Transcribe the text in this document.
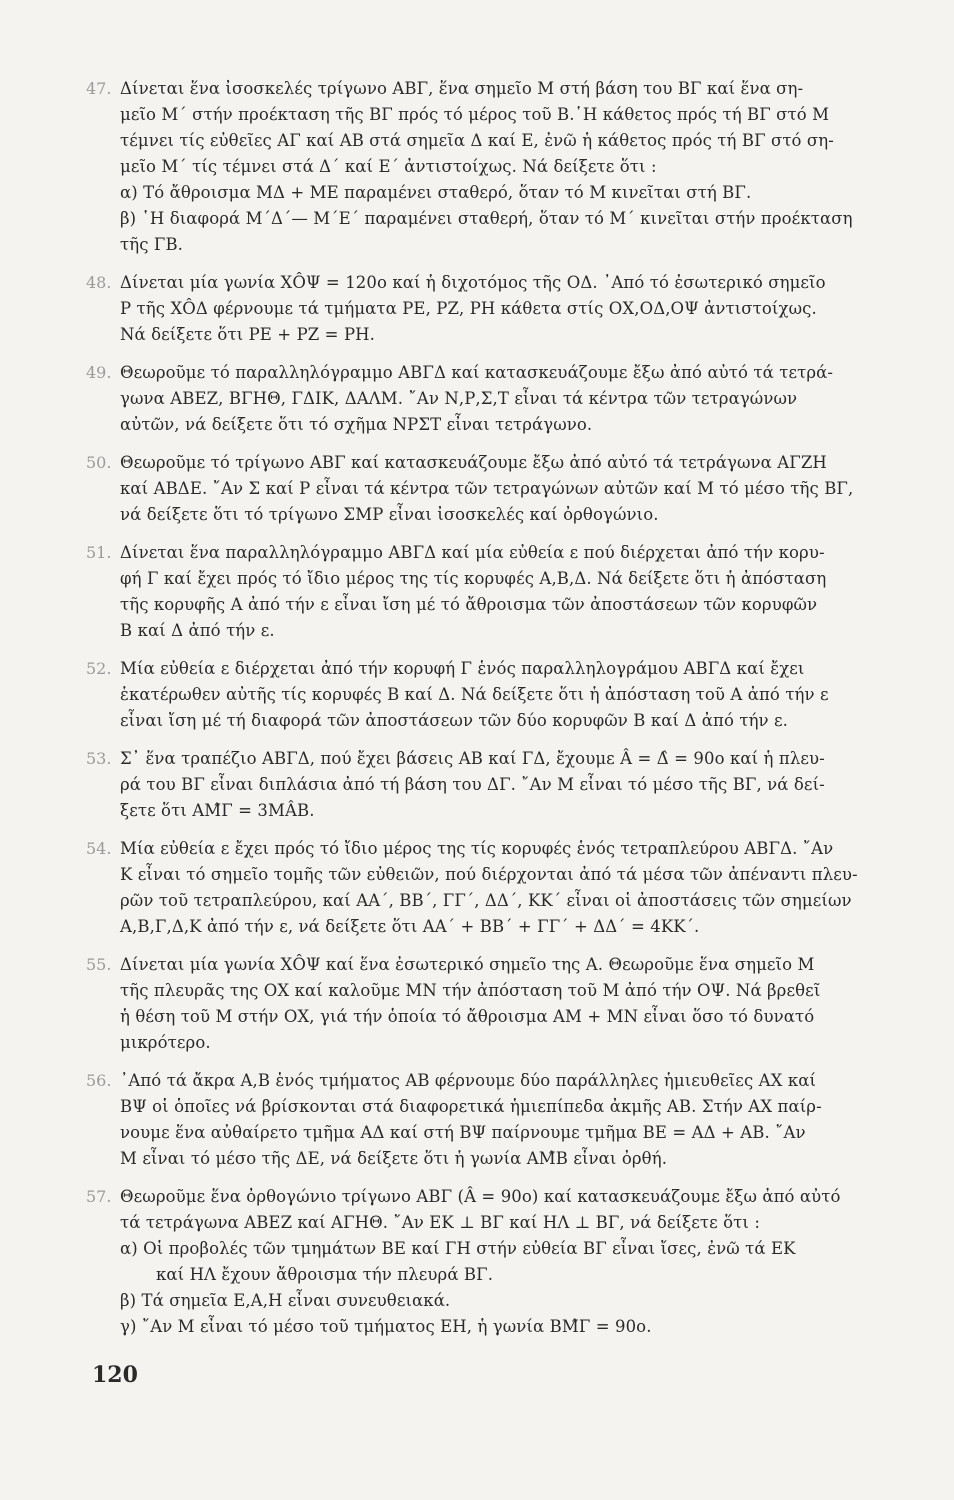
47. Δίνεται ἕνα ἰσοσκελές τρίγωνο ΑΒΓ, ἕνα σημεῖο Μ στή βάση του ΒΓ καί ἕνα ση-
μεῖο Μ΄ στήν προέκταση τῆς ΒΓ πρός τό μέρος τοῦ Β.῾Η κάθετος πρός τή ΒΓ στό Μ
τέμνει τίς εὐθεῖες ΑΓ καί ΑΒ στά σημεῖα Δ καί Ε, ἐνῶ ἡ κάθετος πρός τή ΒΓ στό ση-
μεῖο Μ΄ τίς τέμνει στά Δ΄ καί Ε΄ ἀντιστοίχως. Νά δείξετε ὅτι :
α) Τό ἄθροισμα ΜΔ + ΜΕ παραμένει σταθερό, ὅταν τό Μ κινεῖται στή ΒΓ.
β) ῾Η διαφορά Μ΄Δ΄— Μ΄Ε΄ παραμένει σταθερή, ὅταν τό Μ΄ κινεῖται στήν προέκταση
τῆς ΓΒ.
48. Δίνεται μία γωνία ΧÔΨ = 120ο καί ἡ διχοτόμος τῆς ΟΔ. ᾽Από τό ἐσωτερικό σημεῖο
Ρ τῆς ΧÔΔ φέρνουμε τά τμήματα ΡΕ, ΡΖ, ΡΗ κάθετα στίς ΟΧ,ΟΔ,ΟΨ ἀντιστοίχως.
Νά δείξετε ὅτι ΡΕ + ΡΖ = ΡΗ.
49. Θεωροῦμε τό παραλληλόγραμμο ΑΒΓΔ καί κατασκευάζουμε ἔξω ἀπό αὐτό τά τετρά-
γωνα ΑΒΕΖ, ΒΓΗΘ, ΓΔΙΚ, ΔΑΛΜ. ῎Αν Ν,Ρ,Σ,Τ εἶναι τά κέντρα τῶν τετραγώνων
αὐτῶν, νά δείξετε ὅτι τό σχῆμα ΝΡΣΤ εἶναι τετράγωνο.
50. Θεωροῦμε τό τρίγωνο ΑΒΓ καί κατασκευάζουμε ἔξω ἀπό αὐτό τά τετράγωνα ΑΓΖΗ
καί ΑΒΔΕ. ῎Αν Σ καί Ρ εἶναι τά κέντρα τῶν τετραγώνων αὐτῶν καί Μ τό μέσο τῆς ΒΓ,
νά δείξετε ὅτι τό τρίγωνο ΣΜΡ εἶναι ἰσοσκελές καί ὀρθογώνιο.
51. Δίνεται ἕνα παραλληλόγραμμο ΑΒΓΔ καί μία εὐθεία ε πού διέρχεται ἀπό τήν κορυ-
φή Γ καί ἔχει πρός τό ἴδιο μέρος της τίς κορυφές Α,Β,Δ. Νά δείξετε ὅτι ἡ ἀπόσταση
τῆς κορυφῆς Α ἀπό τήν ε εἶναι ἴση μέ τό ἄθροισμα τῶν ἀποστάσεων τῶν κορυφῶν
Β καί Δ ἀπό τήν ε.
52. Μία εὐθεία ε διέρχεται ἀπό τήν κορυφή Γ ἑνός παραλληλογράμου ΑΒΓΔ καί ἔχει
ἑκατέρωθεν αὐτῆς τίς κορυφές Β καί Δ. Νά δείξετε ὅτι ἡ ἀπόσταση τοῦ Α ἀπό τήν ε
εἶναι ἴση μέ τή διαφορά τῶν ἀποστάσεων τῶν δύο κορυφῶν Β καί Δ ἀπό τήν ε.
53. Σ᾽ ἕνα τραπέζιο ΑΒΓΔ, πού ἔχει βάσεις ΑΒ καί ΓΔ, ἔχουμε Â = Δ̂ = 90ο καί ἡ πλευ-
ρά του ΒΓ εἶναι διπλάσια ἀπό τή βάση του ΔΓ. ῎Αν Μ εἶναι τό μέσο τῆς ΒΓ, νά δεί-
ξετε ὅτι ΑΜ̂Γ = 3ΜÂΒ.
54. Μία εὐθεία ε ἔχει πρός τό ἴδιο μέρος της τίς κορυφές ἑνός τετραπλεύρου ΑΒΓΔ. ῎Αν
Κ εἶναι τό σημεῖο τομῆς τῶν εὐθειῶν, πού διέρχονται ἀπό τά μέσα τῶν ἀπέναντι πλευ-
ρῶν τοῦ τετραπλεύρου, καί ΑΑ΄, ΒΒ΄, ΓΓ΄, ΔΔ΄, ΚΚ΄ εἶναι οἱ ἀποστάσεις τῶν σημείων
Α,Β,Γ,Δ,Κ ἀπό τήν ε, νά δείξετε ὅτι ΑΑ΄ + ΒΒ΄ + ΓΓ΄ + ΔΔ΄ = 4ΚΚ΄.
55. Δίνεται μία γωνία ΧÔΨ καί ἕνα ἐσωτερικό σημεῖο της Α. Θεωροῦμε ἕνα σημεῖο Μ
τῆς πλευρᾶς της ΟΧ καί καλοῦμε ΜΝ τήν ἀπόσταση τοῦ Μ ἀπό τήν ΟΨ. Νά βρεθεῖ
ἡ θέση τοῦ Μ στήν ΟΧ, γιά τήν ὁποία τό ἄθροισμα ΑΜ + ΜΝ εἶναι ὅσο τό δυνατό
μικρότερο.
56. ᾽Από τά ἄκρα Α,Β ἑνός τμήματος ΑΒ φέρνουμε δύο παράλληλες ἡμιευθεῖες ΑΧ καί
ΒΨ οἱ ὁποῖες νά βρίσκονται στά διαφορετικά ἡμιεπίπεδα ἀκμῆς ΑΒ. Στήν ΑΧ παίρ-
νουμε ἕνα αὐθαίρετο τμῆμα ΑΔ καί στή ΒΨ παίρνουμε τμῆμα ΒΕ = ΑΔ + ΑΒ. ῎Αν
Μ εἶναι τό μέσο τῆς ΔΕ, νά δείξετε ὅτι ἡ γωνία ΑΜ̂Β εἶναι ὀρθή.
57. Θεωροῦμε ἕνα ὀρθογώνιο τρίγωνο ΑΒΓ (Â = 90ο) καί κατασκευάζουμε ἔξω ἀπό αὐτό
τά τετράγωνα ΑΒΕΖ καί ΑΓΗΘ. ῎Αν ΕΚ ⊥ ΒΓ καί ΗΛ ⊥ ΒΓ, νά δείξετε ὅτι :
α) Οἱ προβολές τῶν τμημάτων ΒΕ καί ΓΗ στήν εὐθεία ΒΓ εἶναι ἴσες, ἐνῶ τά ΕΚ
καί ΗΛ ἔχουν ἄθροισμα τήν πλευρά ΒΓ.
β) Τά σημεῖα Ε,Α,Η εἶναι συνευθειακά.
γ) ῎Αν Μ εἶναι τό μέσο τοῦ τμήματος ΕΗ, ἡ γωνία ΒΜ̂Γ = 90ο.
120
